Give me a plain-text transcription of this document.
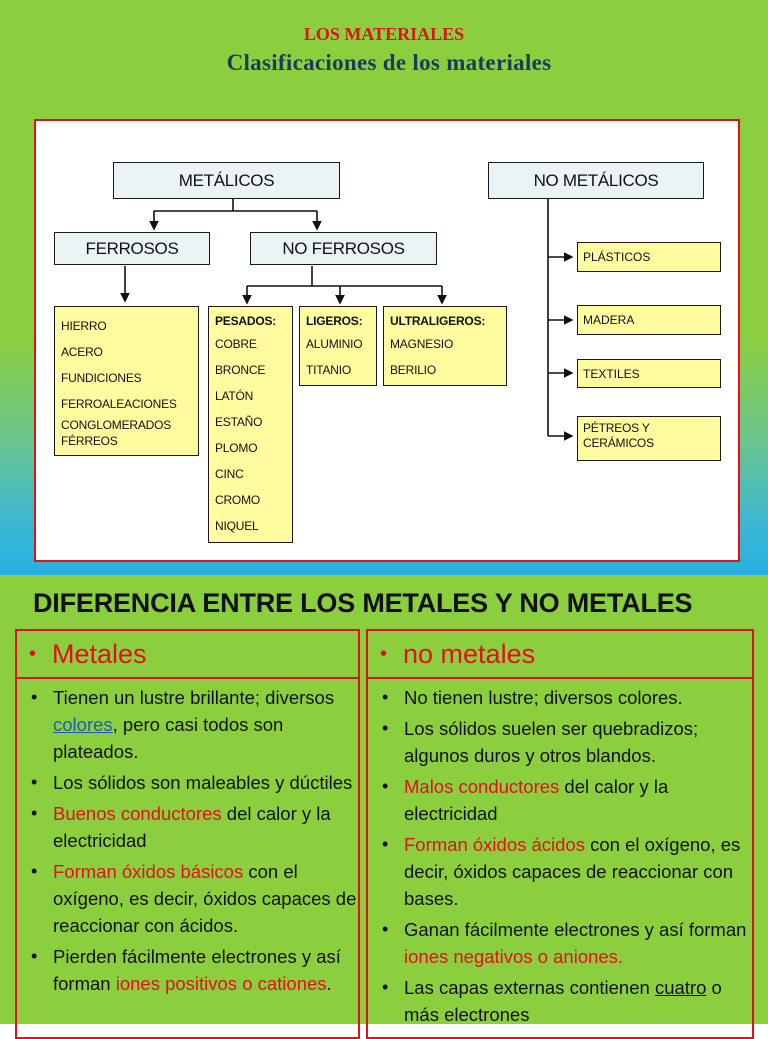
LOS MATERIALES
Clasificaciones de los materiales
METÁLICOS	NO METÁLICOS
FERROSOS	NO FERROSOS
HIERRO
ACERO
FUNDICIONES
FERROALEACIONES
CONGLOMERADOS
FÉRREOS
PESADOS:
COBRE
BRONCE
LATÓN
ESTAÑO
PLOMO
CINC
CROMO
NIQUEL
LIGEROS:
ALUMINIO
TITANIO
ULTRALIGEROS:
MAGNESIO
BERILIO
PLÁSTICOS
MADERA
TEXTILES
PÉTREOS Y
CERÁMICOS
DIFERENCIA ENTRE LOS METALES Y NO METALES
• Metales	• no metales
• Tienen un lustre brillante; diversos colores, pero casi todos son plateados.
• Los sólidos son maleables y dúctiles
• Buenos conductores del calor y la electricidad
• Forman óxidos básicos con el oxígeno, es decir, óxidos capaces de reaccionar con ácidos.
• Pierden fácilmente electrones y así forman iones positivos o cationes.
• No tienen lustre; diversos colores.
• Los sólidos suelen ser quebradizos; algunos duros y otros blandos.
• Malos conductores del calor y la electricidad
• Forman óxidos ácidos con el oxígeno, es decir, óxidos capaces de reaccionar con bases.
• Ganan fácilmente electrones y así forman iones negativos o aniones.
• Las capas externas contienen cuatro o más electrones
